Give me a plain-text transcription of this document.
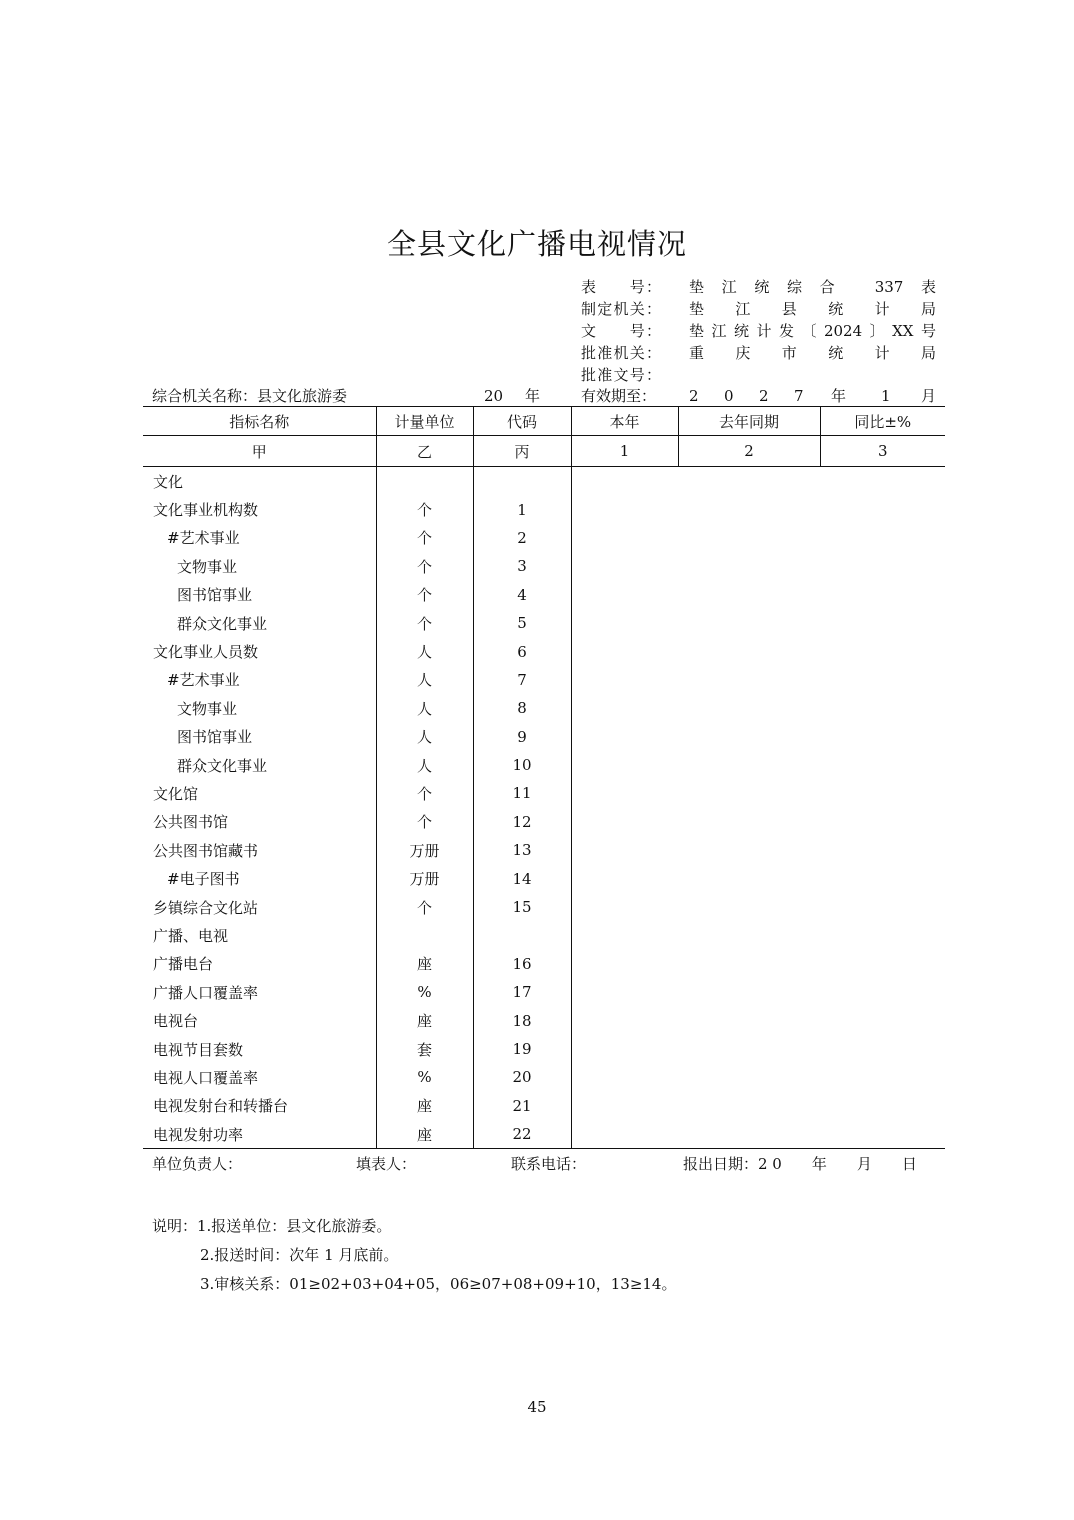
全县文化广播电视情况
表　　号： 垫江统综合 337表
制定机关： 垫江县统计局
文　　号： 垫江统计发〔2024〕XX号
批准机关： 重庆市统计局
批准文号：
综合机关名称：县文化旅游委	20 年	有效期至： 2 0 2 7 年 1 月
指标名称	计量单位	代码	本年	去年同期	同比±%
甲	乙	丙	1	2	3
文化					
文化事业机构数	个	1			
#艺术事业	个	2			
文物事业	个	3			
图书馆事业	个	4			
群众文化事业	个	5			
文化事业人员数	人	6			
#艺术事业	人	7			
文物事业	人	8			
图书馆事业	人	9			
群众文化事业	人	10			
文化馆	个	11			
公共图书馆	个	12			
公共图书馆藏书	万册	13			
#电子图书	万册	14			
乡镇综合文化站	个	15			
广播、电视					
广播电台	座	16			
广播人口覆盖率	%	17			
电视台	座	18			
电视节目套数	套	19			
电视人口覆盖率	%	20			
电视发射台和转播台	座	21			
电视发射功率	座	22			
单位负责人：	填表人：	联系电话：	报出日期：2 0　　年　　月　　日
说明：1.报送单位：县文化旅游委。
2.报送时间：次年 1 月底前。
3.审核关系：01≥02+03+04+05，06≥07+08+09+10，13≥14。
45
